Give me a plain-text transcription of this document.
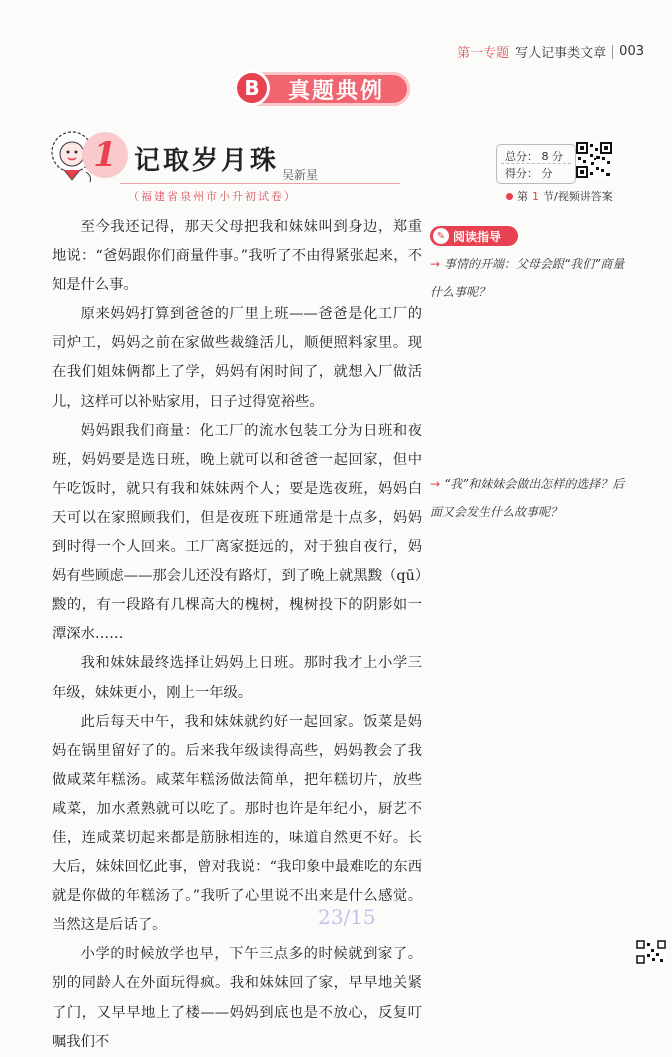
第一专题 写人记事类文章 003
B	真题典例
1 记取岁月珠 吴新星
（福建省泉州市小升初试卷）
总分： 8 分
得分： 分
第 1 节/视频讲答案

至今我还记得，那天父母把我和妹妹叫到身边，郑重地说：“爸妈跟你们商量件事。”我听了不由得紧张起来，不知是什么事。

原来妈妈打算到爸爸的厂里上班——爸爸是化工厂的司炉工，妈妈之前在家做些裁缝活儿，顺便照料家里。现在我们姐妹俩都上了学，妈妈有闲时间了，就想入厂做活儿，这样可以补贴家用，日子过得宽裕些。

妈妈跟我们商量：化工厂的流水包装工分为日班和夜班，妈妈要是选日班，晚上就可以和爸爸一起回家，但中午吃饭时，就只有我和妹妹两个人；要是选夜班，妈妈白天可以在家照顾我们，但是夜班下班通常是十点多，妈妈到时得一个人回来。工厂离家挺远的，对于独自夜行，妈妈有些顾虑——那会儿还没有路灯，到了晚上就黑黢（qū）黢的，有一段路有几棵高大的槐树，槐树投下的阴影如一潭深水……

我和妹妹最终选择让妈妈上日班。那时我才上小学三年级，妹妹更小，刚上一年级。

此后每天中午，我和妹妹就约好一起回家。饭菜是妈妈在锅里留好了的。后来我年级读得高些，妈妈教会了我做咸菜年糕汤。咸菜年糕汤做法简单，把年糕切片，放些咸菜，加水煮熟就可以吃了。那时也许是年纪小，厨艺不佳，连咸菜切起来都是筋脉相连的，味道自然更不好。长大后，妹妹回忆此事，曾对我说：“我印象中最难吃的东西就是你做的年糕汤了。”我听了心里说不出来是什么感觉。当然这是后话了。

小学的时候放学也早，下午三点多的时候就到家了。别的同龄人在外面玩得疯。我和妹妹回了家，早早地关紧了门，又早早地上了楼——妈妈到底也是不放心，反复叮嘱我们不

✎ 阅读指导
→ 事情的开端：父母会跟“我们”商量什么事呢？
→ “我”和妹妹会做出怎样的选择？后面又会发生什么故事呢？
23/15
